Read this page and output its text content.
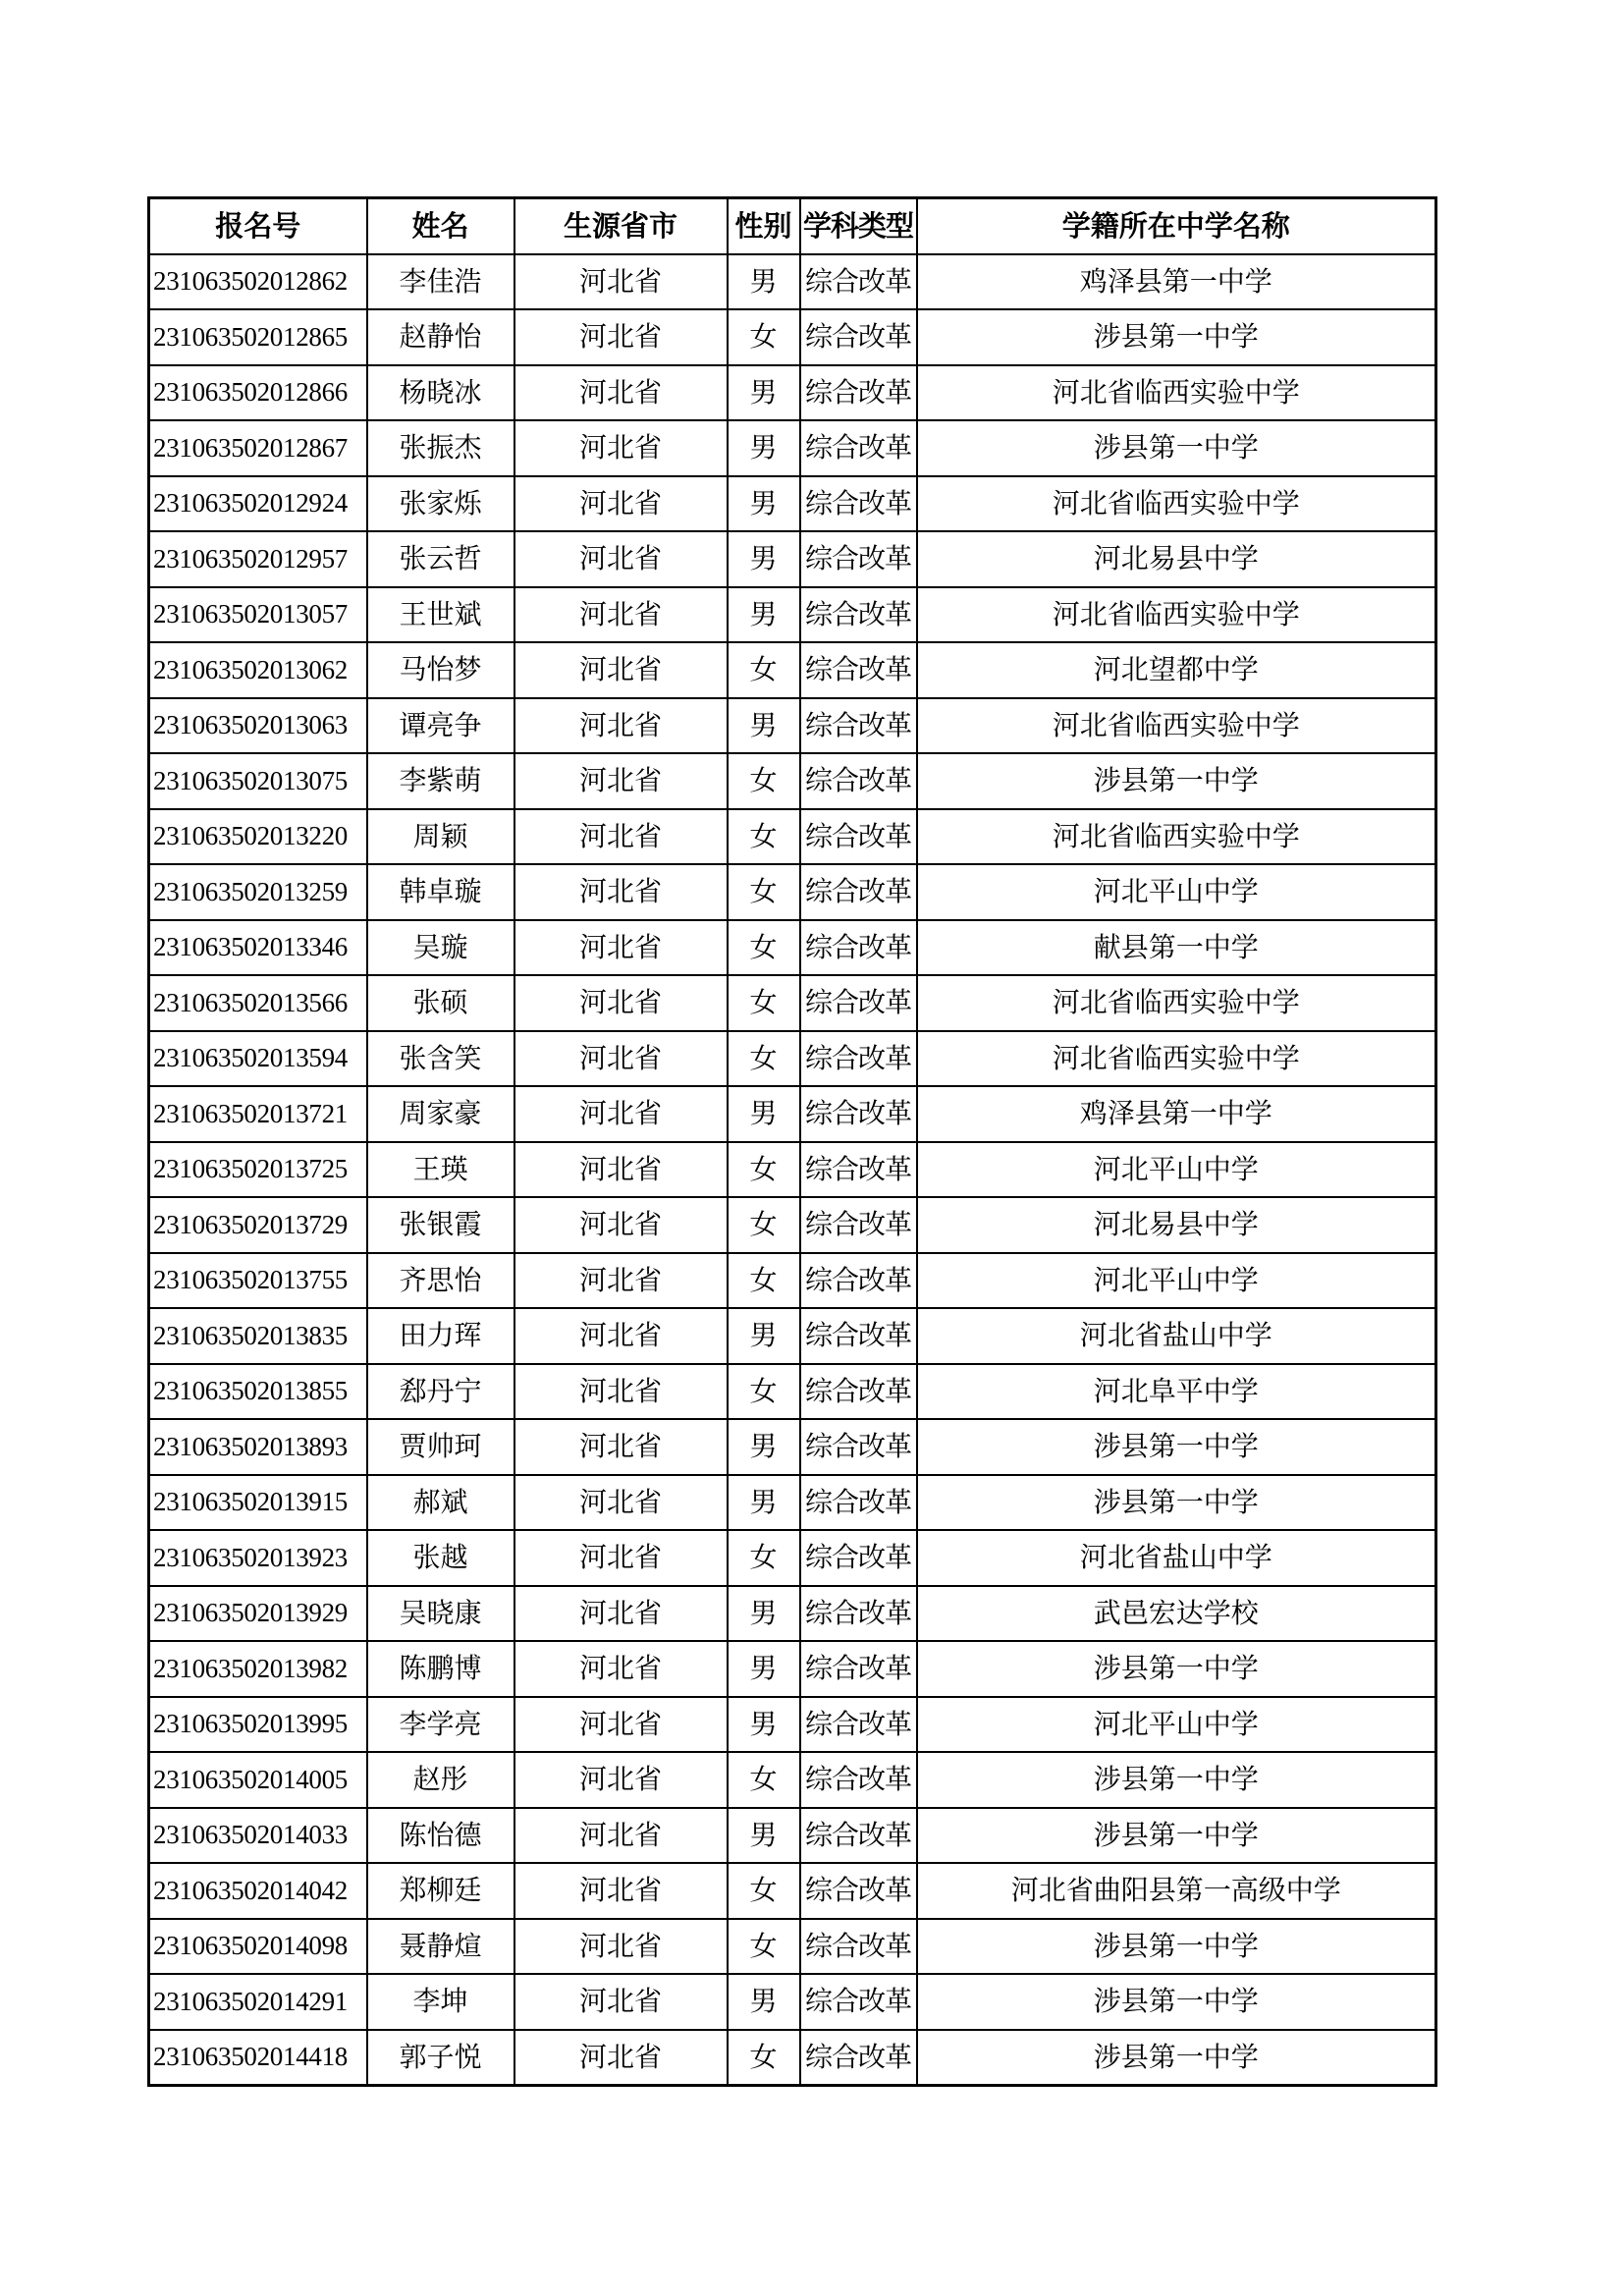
报名号	姓名	生源省市	性别	学科类型	学籍所在中学名称
231063502012862	李佳浩	河北省	男	综合改革	鸡泽县第一中学
231063502012865	赵静怡	河北省	女	综合改革	涉县第一中学
231063502012866	杨晓冰	河北省	男	综合改革	河北省临西实验中学
231063502012867	张振杰	河北省	男	综合改革	涉县第一中学
231063502012924	张家烁	河北省	男	综合改革	河北省临西实验中学
231063502012957	张云哲	河北省	男	综合改革	河北易县中学
231063502013057	王世斌	河北省	男	综合改革	河北省临西实验中学
231063502013062	马怡梦	河北省	女	综合改革	河北望都中学
231063502013063	谭亮争	河北省	男	综合改革	河北省临西实验中学
231063502013075	李紫萌	河北省	女	综合改革	涉县第一中学
231063502013220	周颖	河北省	女	综合改革	河北省临西实验中学
231063502013259	韩卓璇	河北省	女	综合改革	河北平山中学
231063502013346	吴璇	河北省	女	综合改革	献县第一中学
231063502013566	张硕	河北省	女	综合改革	河北省临西实验中学
231063502013594	张含笑	河北省	女	综合改革	河北省临西实验中学
231063502013721	周家豪	河北省	男	综合改革	鸡泽县第一中学
231063502013725	王瑛	河北省	女	综合改革	河北平山中学
231063502013729	张银霞	河北省	女	综合改革	河北易县中学
231063502013755	齐思怡	河北省	女	综合改革	河北平山中学
231063502013835	田力珲	河北省	男	综合改革	河北省盐山中学
231063502013855	郄丹宁	河北省	女	综合改革	河北阜平中学
231063502013893	贾帅珂	河北省	男	综合改革	涉县第一中学
231063502013915	郝斌	河北省	男	综合改革	涉县第一中学
231063502013923	张越	河北省	女	综合改革	河北省盐山中学
231063502013929	吴晓康	河北省	男	综合改革	武邑宏达学校
231063502013982	陈鹏博	河北省	男	综合改革	涉县第一中学
231063502013995	李学亮	河北省	男	综合改革	河北平山中学
231063502014005	赵彤	河北省	女	综合改革	涉县第一中学
231063502014033	陈怡德	河北省	男	综合改革	涉县第一中学
231063502014042	郑柳廷	河北省	女	综合改革	河北省曲阳县第一高级中学
231063502014098	聂静煊	河北省	女	综合改革	涉县第一中学
231063502014291	李坤	河北省	男	综合改革	涉县第一中学
231063502014418	郭子悦	河北省	女	综合改革	涉县第一中学
